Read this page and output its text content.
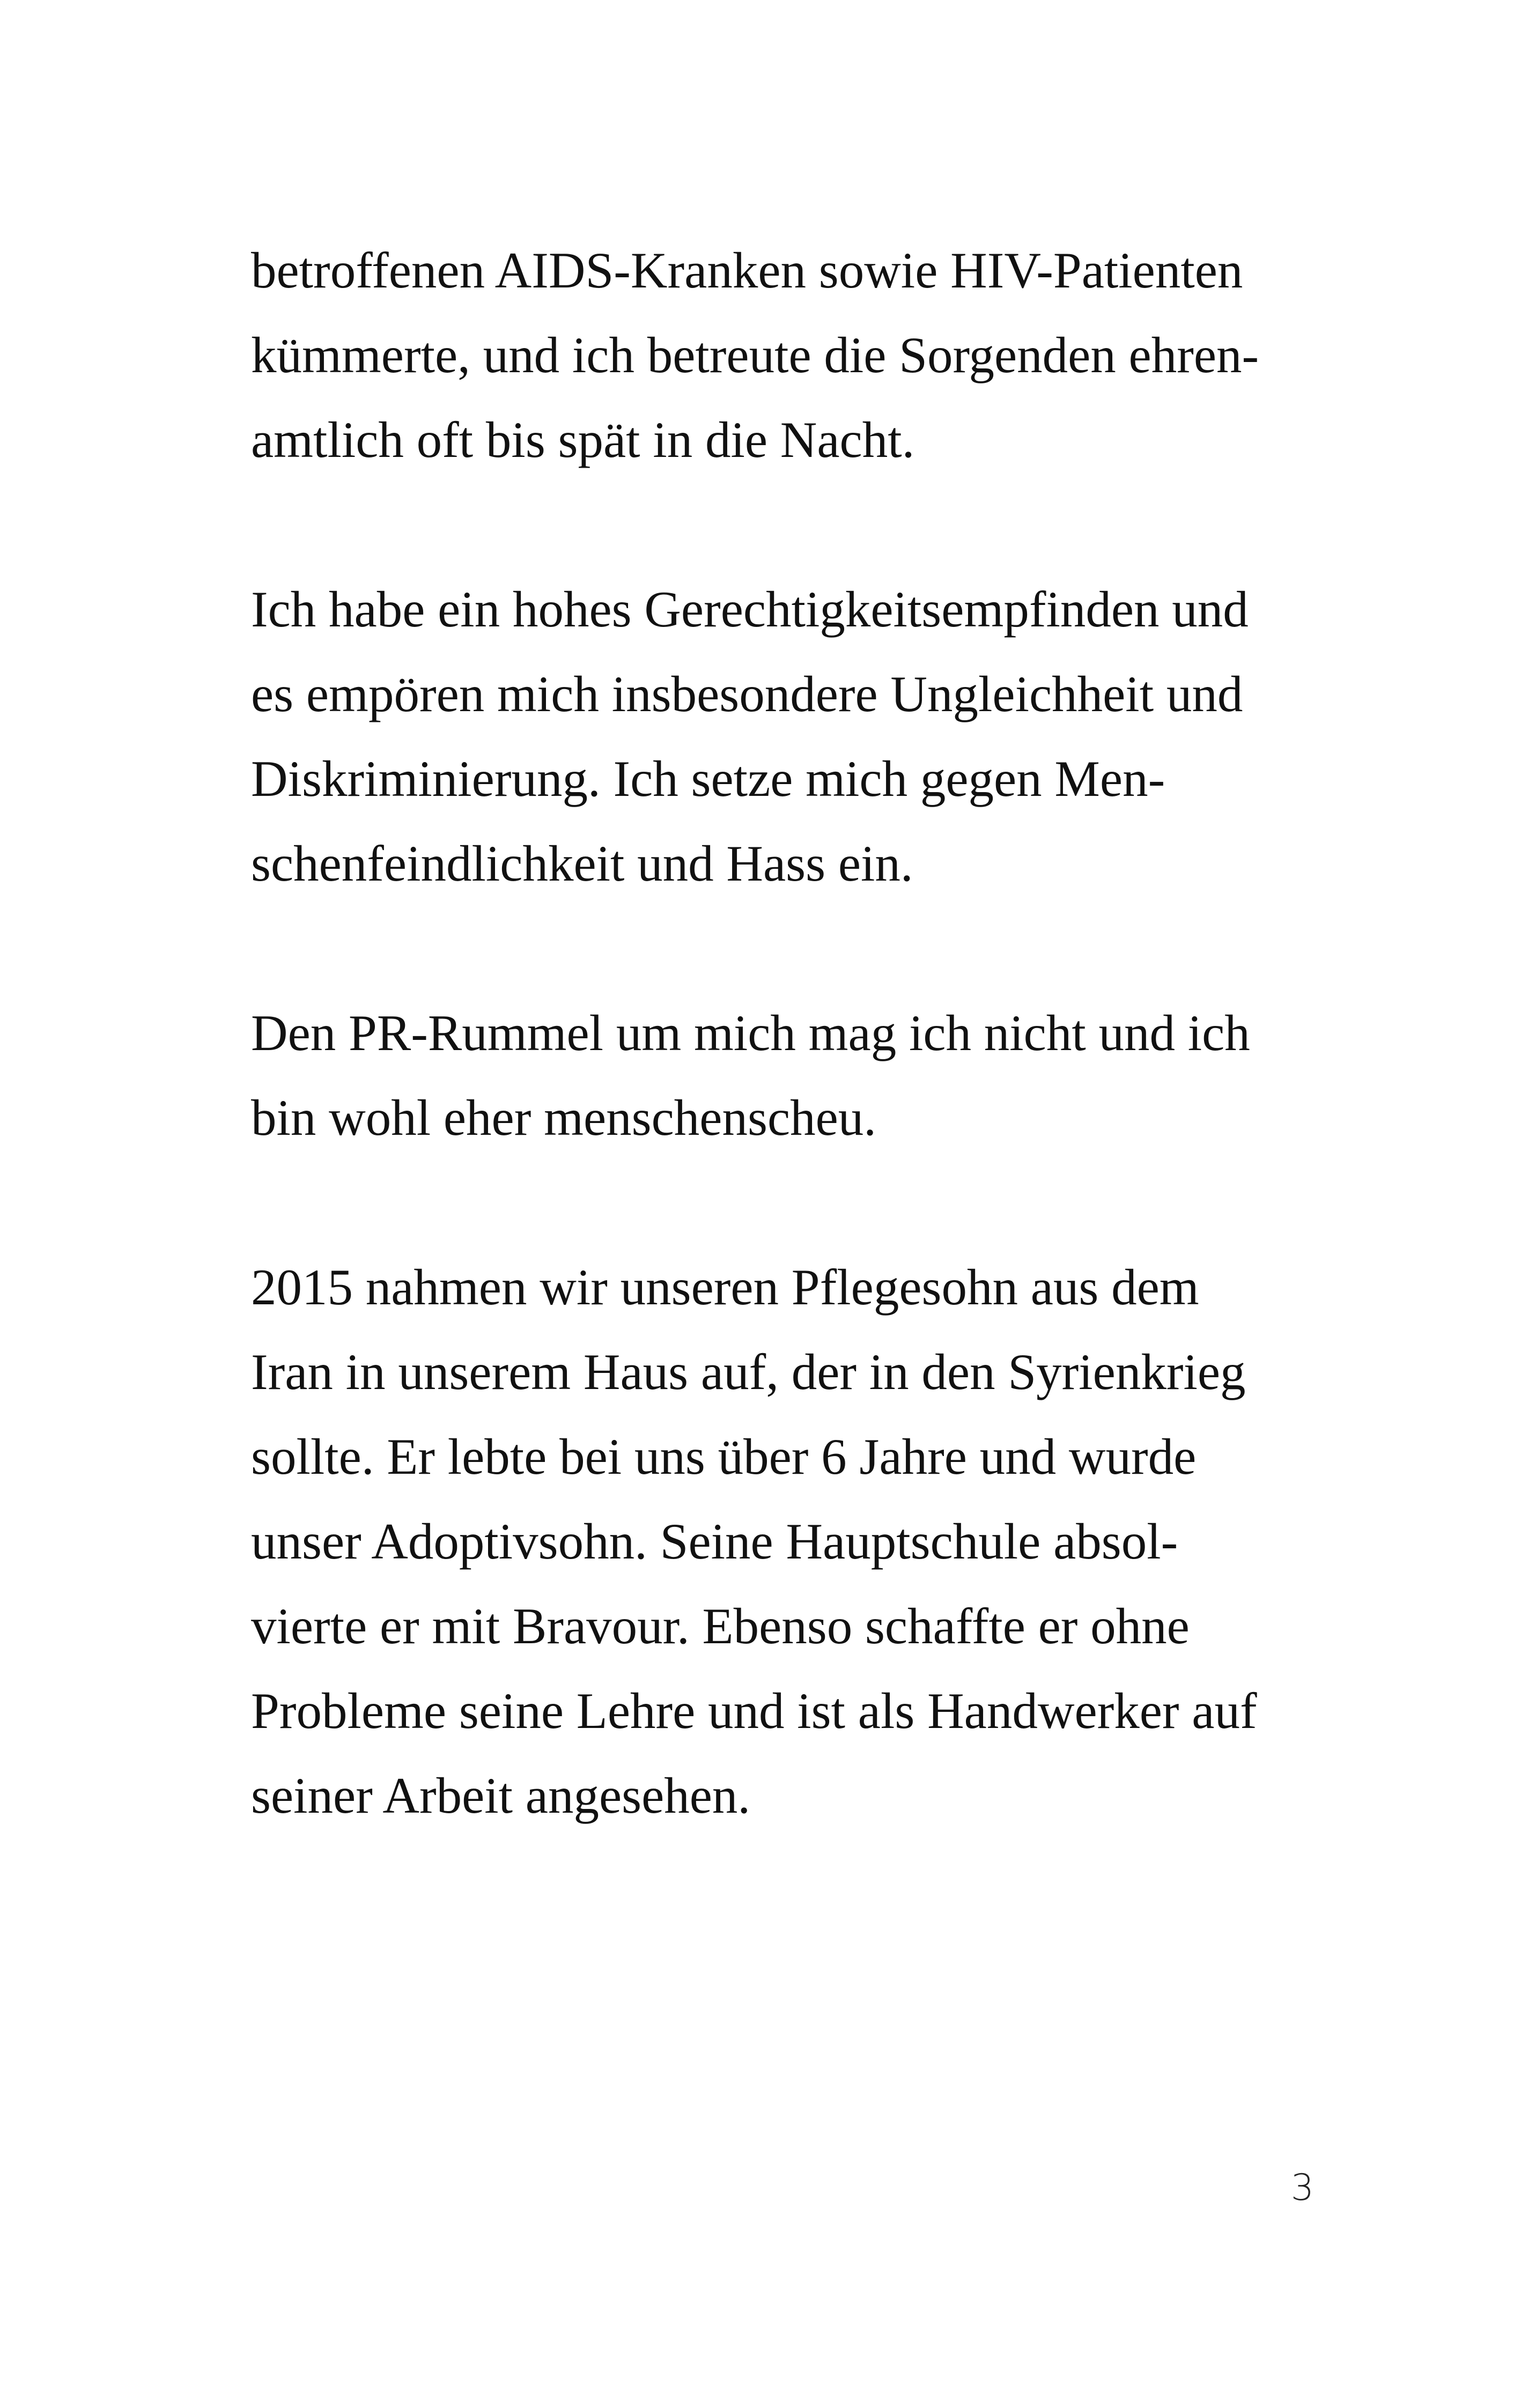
betroffenen AIDS-Kranken sowie HIV-Patienten
kümmerte, und ich betreute die Sorgenden ehren-
amtlich oft bis spät in die Nacht.

Ich habe ein hohes Gerechtigkeitsempfinden und
es empören mich insbesondere Ungleichheit und
Diskriminierung. Ich setze mich gegen Men-
schenfeindlichkeit und Hass ein.

Den PR-Rummel um mich mag ich nicht und ich
bin wohl eher menschenscheu.

2015 nahmen wir unseren Pflegesohn aus dem
Iran in unserem Haus auf, der in den Syrienkrieg
sollte. Er lebte bei uns über 6 Jahre und wurde
unser Adoptivsohn. Seine Hauptschule absol-
vierte er mit Bravour. Ebenso schaffte er ohne
Probleme seine Lehre und ist als Handwerker auf
seiner Arbeit angesehen.

3
